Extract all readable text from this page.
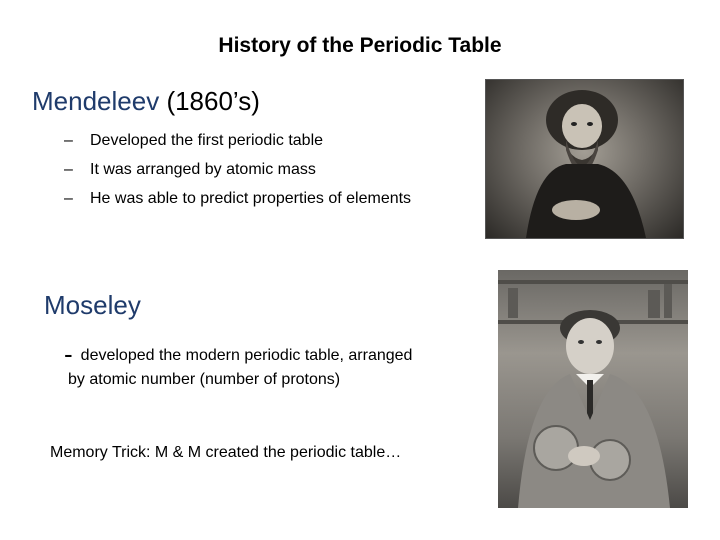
History of the Periodic Table
Mendeleev (1860’s)
– Developed the first periodic table
– It was arranged by atomic mass
– He was able to predict properties of elements
Moseley
- developed the modern periodic table, arranged
by atomic number (number of protons)
Memory Trick: M & M created the periodic table…
